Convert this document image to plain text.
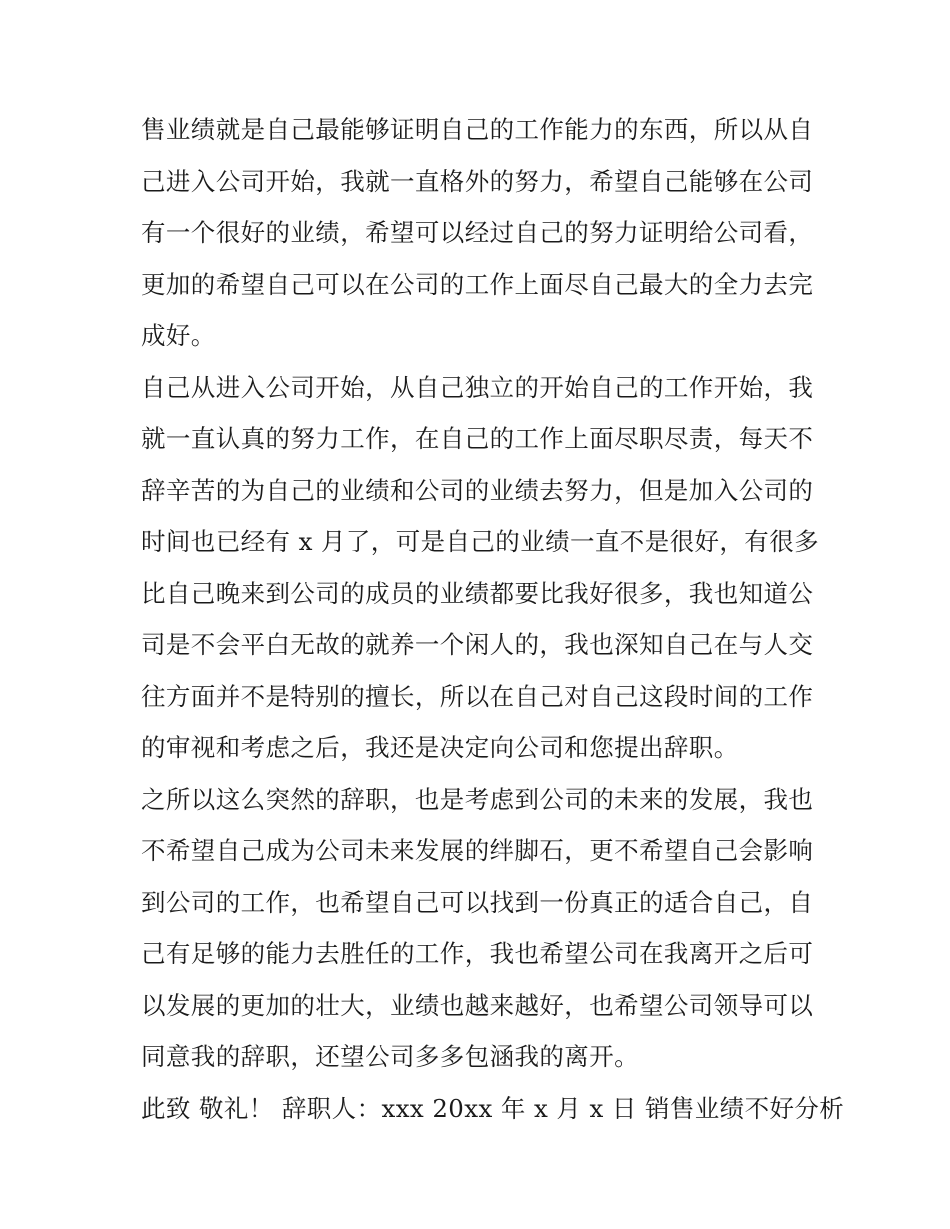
售业绩就是自己最能够证明自己的工作能力的东西，所以从自
己进入公司开始，我就一直格外的努力，希望自己能够在公司
有一个很好的业绩，希望可以经过自己的努力证明给公司看，
更加的希望自己可以在公司的工作上面尽自己最大的全力去完
成好。
自己从进入公司开始，从自己独立的开始自己的工作开始，我
就一直认真的努力工作，在自己的工作上面尽职尽责，每天不
辞辛苦的为自己的业绩和公司的业绩去努力，但是加入公司的
时间也已经有 x 月了，可是自己的业绩一直不是很好，有很多
比自己晚来到公司的成员的业绩都要比我好很多，我也知道公
司是不会平白无故的就养一个闲人的，我也深知自己在与人交
往方面并不是特别的擅长，所以在自己对自己这段时间的工作
的审视和考虑之后，我还是决定向公司和您提出辞职。
之所以这么突然的辞职，也是考虑到公司的未来的发展，我也
不希望自己成为公司未来发展的绊脚石，更不希望自己会影响
到公司的工作，也希望自己可以找到一份真正的适合自己，自
己有足够的能力去胜任的工作，我也希望公司在我离开之后可
以发展的更加的壮大，业绩也越来越好，也希望公司领导可以
同意我的辞职，还望公司多多包涵我的离开。
此致 敬礼！ 辞职人：xxx 20xx 年 x 月 x 日 销售业绩不好分析
